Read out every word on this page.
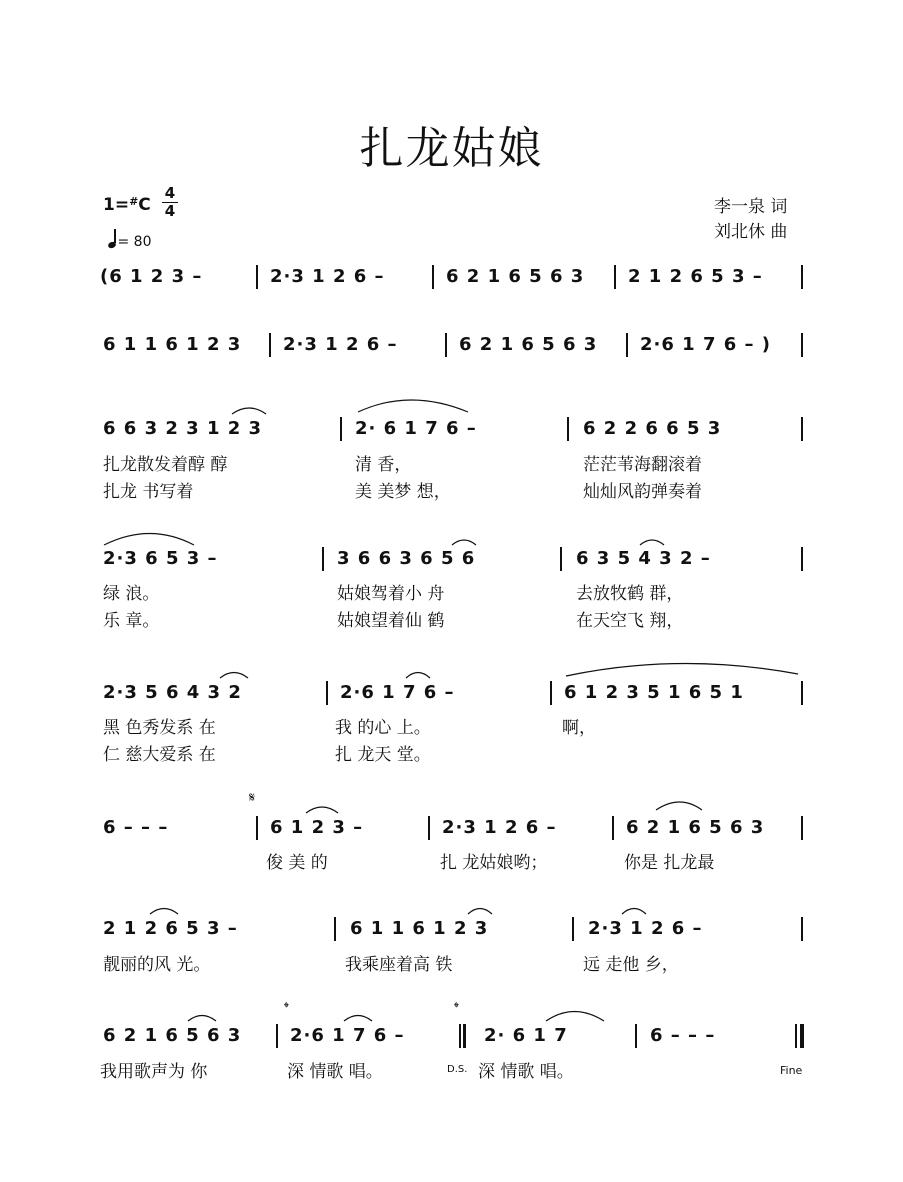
扎龙姑娘
1=#C
4
4
= 80
李一泉 词
刘北休 曲
(6 1 2 3 –	2·3 1 2 6 –	6 2 1 6 5 6 3 2 1 2 6 5 3 –
6 1 1 6 1 2 3 2·3 1 2 6 –	6 2 1 6 5 6 3 2·6 1 7 6 – )
6 6 3 2 3 1 2 3	2· 6 1 7 6 –	6 2 2 6 6 5 3
扎龙散发着醇 醇	清 香，	茫茫苇海翻滚着
扎龙 书写着	美 美梦 想，	灿灿风韵弹奏着
2·3 6 5 3 –	3 6 6 3 6 5 6	6 3 5 4 3 2 –
绿 浪。	姑娘驾着小 舟	去放牧鹤 群，
乐 章。	姑娘望着仙 鹤	在天空飞 翔，
2·3 5 6 4 3 2	2·6 1 7 6 –	6 1 2 3 5 1 6 5 1
黑 色秀发系 在	我 的心 上。	啊，
仁 慈大爱系 在	扎 龙天 堂。
𝄋
6 – – –	6 1 2 3 –	2·3 1 2 6 –	6 2 1 6 5 6 3
俊 美 的	扎 龙姑娘哟；	你是 扎龙最
2 1 2 6 5 3 –	6 1 1 6 1 2 3	2·3 1 2 6 –
靓丽的风 光。	我乘座着高 铁	远 走他 乡，
𝄌	𝄌
6 2 1 6 5 6 3	2·6 1 7 6 –	2· 6 1 7	6 – – –
我用歌声为 你	深 情歌 唱。	深 情歌 唱。
D.S.	Fine
